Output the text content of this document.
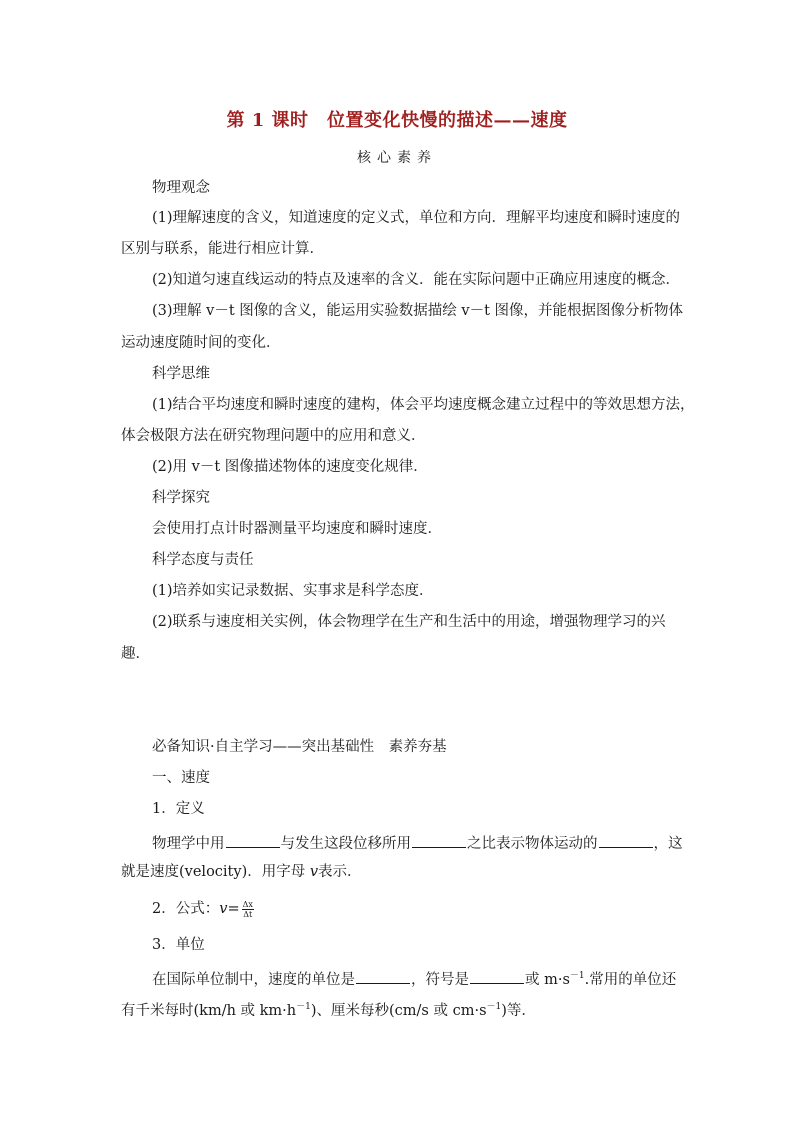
第 1 课时　位置变化快慢的描述——速度
核心素养
物理观念
(1)理解速度的含义，知道速度的定义式，单位和方向．理解平均速度和瞬时速度的
区别与联系，能进行相应计算．
(2)知道匀速直线运动的特点及速率的含义．能在实际问题中正确应用速度的概念．
(3)理解 v－t 图像的含义，能运用实验数据描绘 v－t 图像，并能根据图像分析物体
运动速度随时间的变化．
科学思维
(1)结合平均速度和瞬时速度的建构，体会平均速度概念建立过程中的等效思想方法，
体会极限方法在研究物理问题中的应用和意义．
(2)用 v－t 图像描述物体的速度变化规律．
科学探究
会使用打点计时器测量平均速度和瞬时速度．
科学态度与责任
(1)培养如实记录数据、实事求是科学态度．
(2)联系与速度相关实例，体会物理学在生产和生活中的用途，增强物理学习的兴
趣．
必备知识·自主学习——突出基础性　素养夯基
一、速度
1．定义
物理学中用	与发生这段位移所用	之比表示物体运动的	，这
就是速度(velocity)．用字母 v表示．
2．公式：$v= \frac{\Delta x}{\Delta t}$
3．单位
在国际单位制中，速度的单位是	，符号是	或 $m\cdot s^{-1}$.常用的单位还
有千米每时(km/h 或 $km\cdot h^{-1}$)、厘米每秒(cm/s 或 $cm\cdot s^{-1}$)等．
